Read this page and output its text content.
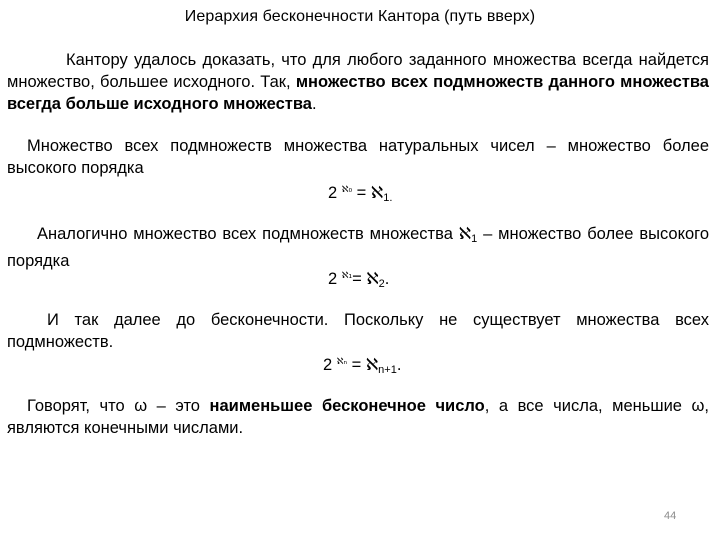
Иерархия бесконечности Кантора (путь вверх)
Кантору удалось доказать, что для любого заданного множества всегда найдется множество, большее исходного. Так, множество всех подмножеств данного множества всегда больше исходного множества.
Множество всех подмножеств множества натуральных чисел – множество более высокого порядка
2 $^{ℵ_0}$ = ℵ$_{1.}$
Аналогично множество всех подмножеств множества ℵ$_1$ – множество более высокого порядка
2 $^{ℵ_1}$= ℵ$_2$.
И так далее до бесконечности. Поскольку не существует множества всех подмножеств.
2 $^{ℵ_n}$ = ℵ$_{n+1}$.
Говорят, что ω – это наименьшее бесконечное число, а все числа, меньшие ω, являются конечными числами.
44
